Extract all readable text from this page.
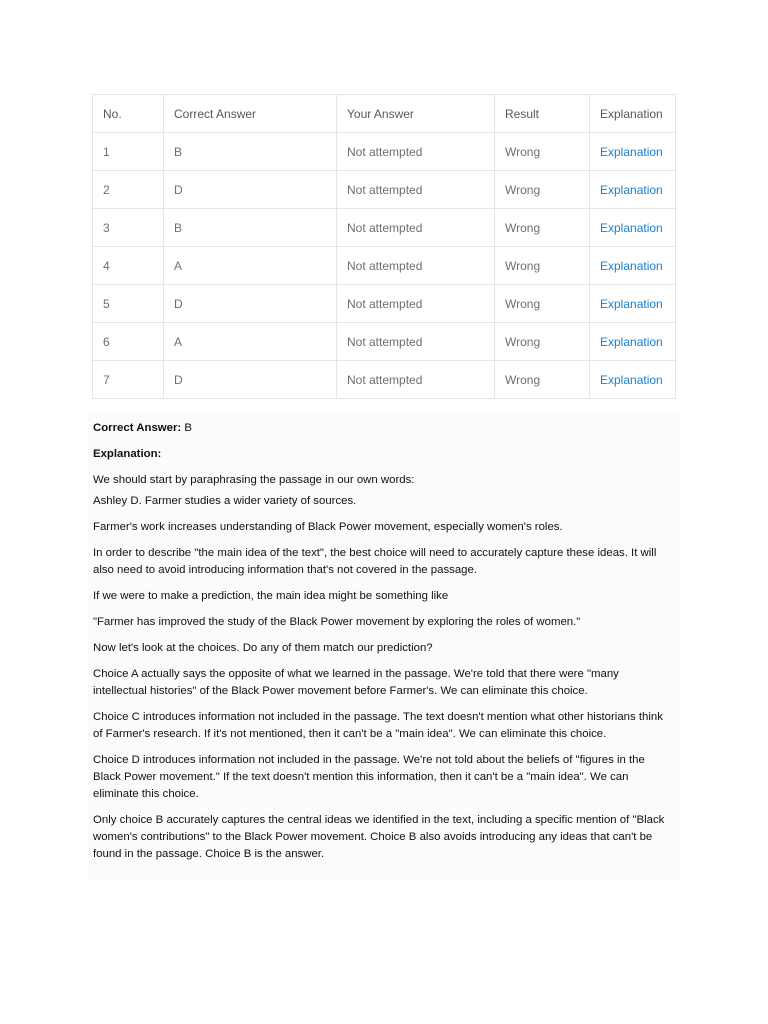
No.	Correct Answer	Your Answer	Result	Explanation
1	B	Not attempted	Wrong	Explanation
2	D	Not attempted	Wrong	Explanation
3	B	Not attempted	Wrong	Explanation
4	A	Not attempted	Wrong	Explanation
5	D	Not attempted	Wrong	Explanation
6	A	Not attempted	Wrong	Explanation
7	D	Not attempted	Wrong	Explanation

Correct Answer: B

Explanation:

We should start by paraphrasing the passage in our own words:

Ashley D. Farmer studies a wider variety of sources.

Farmer's work increases understanding of Black Power movement, especially women's roles.

In order to describe "the main idea of the text", the best choice will need to accurately capture these ideas. It will also need to avoid introducing information that's not covered in the passage.

If we were to make a prediction, the main idea might be something like

"Farmer has improved the study of the Black Power movement by exploring the roles of women."

Now let's look at the choices. Do any of them match our prediction?

Choice A actually says the opposite of what we learned in the passage. We're told that there were "many intellectual histories" of the Black Power movement before Farmer's. We can eliminate this choice.

Choice C introduces information not included in the passage. The text doesn't mention what other historians think of Farmer's research. If it's not mentioned, then it can't be a "main idea". We can eliminate this choice.

Choice D introduces information not included in the passage. We're not told about the beliefs of "figures in the Black Power movement." If the text doesn't mention this information, then it can't be a "main idea". We can eliminate this choice.

Only choice B accurately captures the central ideas we identified in the text, including a specific mention of "Black women's contributions" to the Black Power movement. Choice B also avoids introducing any ideas that can't be found in the passage. Choice B is the answer.
